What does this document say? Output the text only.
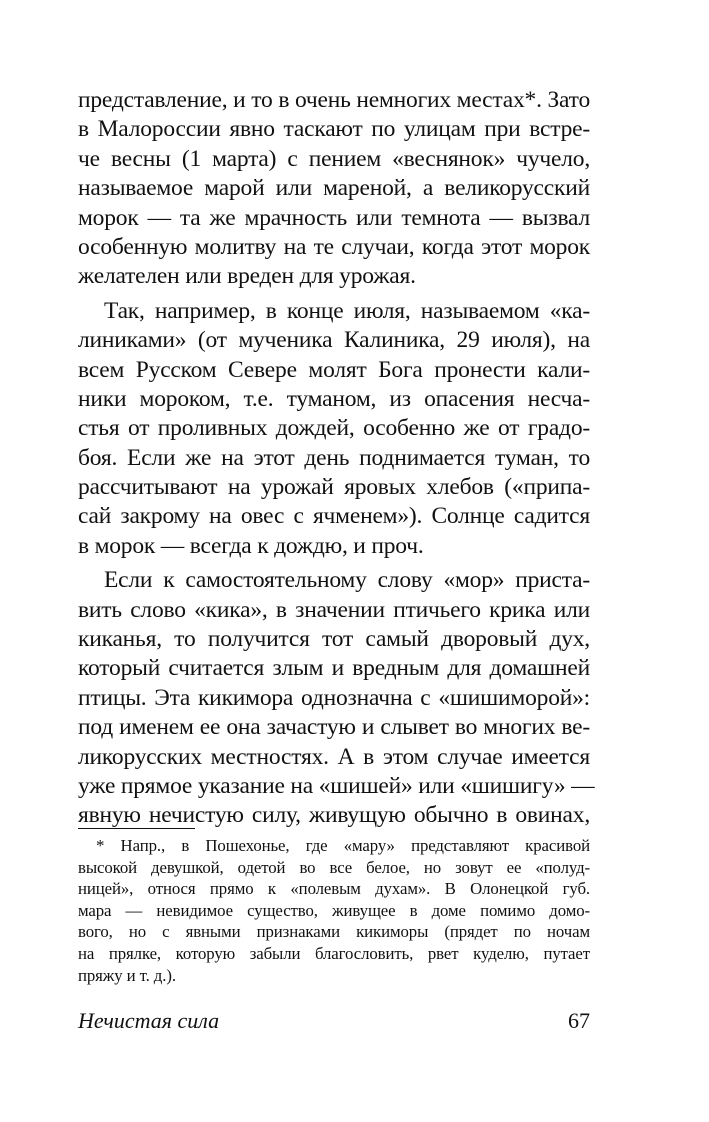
представление, и то в очень немногих местах*. Зато
в Малороссии явно таскают по улицам при встре-
че весны (1 марта) с пением «веснянок» чучело,
называемое марой или мареной, а великорусский
морок — та же мрачность или темнота — вызвал
особенную молитву на те случаи, когда этот морок
желателен или вреден для урожая.
Так, например, в конце июля, называемом «ка-
линиками» (от мученика Калиника, 29 июля), на
всем Русском Севере молят Бога пронести кали-
ники мороком, т.е. туманом, из опасения несча-
стья от проливных дождей, особенно же от градо-
боя. Если же на этот день поднимается туман, то
рассчитывают на урожай яровых хлебов («припа-
сай закрому на овес с ячменем»). Солнце садится
в морок — всегда к дождю, и проч.
Если к самостоятельному слову «мор» приста-
вить слово «кика», в значении птичьего крика или
киканья, то получится тот самый дворовый дух,
который считается злым и вредным для домашней
птицы. Эта кикимора однозначна с «шишиморой»:
под именем ее она зачастую и слывет во многих ве-
ликорусских местностях. А в этом случае имеется
уже прямое указание на «шишей» или «шишигу» —
явную нечистую силу, живущую обычно в овинах,
* Напр., в Пошехонье, где «мару» представляют красивой
высокой девушкой, одетой во все белое, но зовут ее «полуд-
ницей», относя прямо к «полевым духам». В Олонецкой губ.
мара — невидимое существо, живущее в доме помимо домо-
вого, но с явными признаками кикиморы (прядет по ночам
на прялке, которую забыли благословить, рвет куделю, путает
пряжу и т. д.).
Нечистая сила	67
